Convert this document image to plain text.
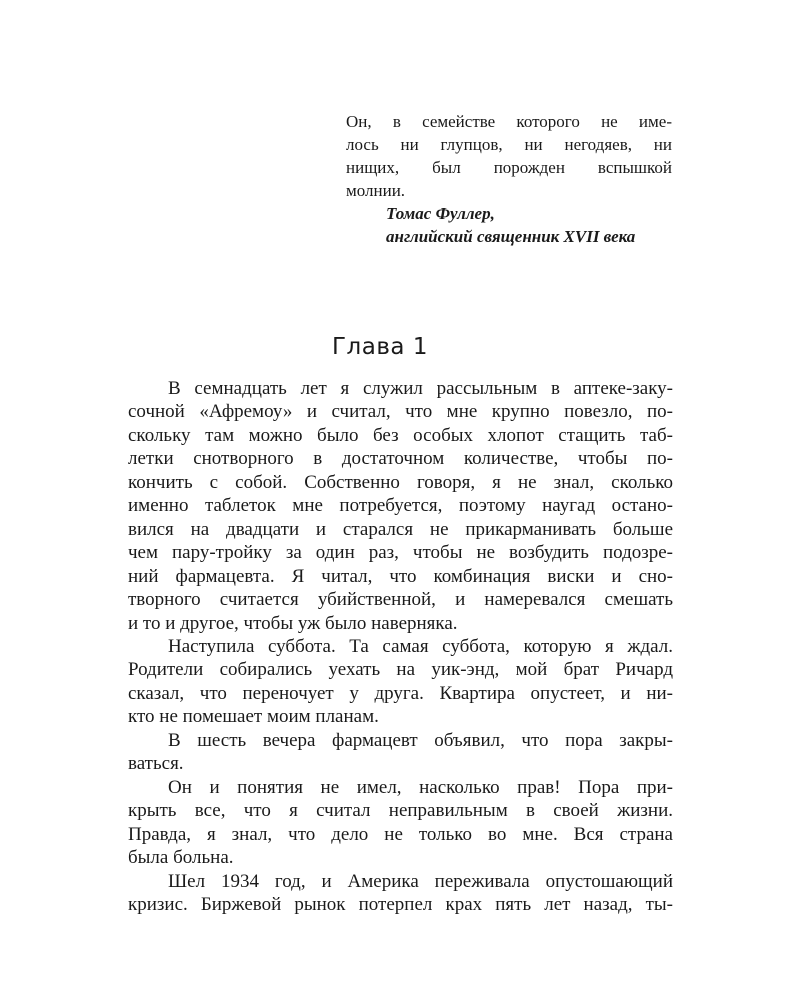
Он, в семействе которого не име-
лось ни глупцов, ни негодяев, ни
нищих, был порожден вспышкой
молнии.
Томас Фуллер,
английский священник XVII века
Глава 1

В семнадцать лет я служил рассыльным в аптеке-заку-
сочной «Афремоу» и считал, что мне крупно повезло, по-
скольку там можно было без особых хлопот стащить таб-
летки снотворного в достаточном количестве, чтобы по-
кончить с собой. Собственно говоря, я не знал, сколько
именно таблеток мне потребуется, поэтому наугад остано-
вился на двадцати и старался не прикарманивать больше
чем пару-тройку за один раз, чтобы не возбудить подозре-
ний фармацевта. Я читал, что комбинация виски и сно-
творного считается убийственной, и намеревался смешать
и то и другое, чтобы уж было наверняка.

Наступила суббота. Та самая суббота, которую я ждал.
Родители собирались уехать на уик-энд, мой брат Ричард
сказал, что переночует у друга. Квартира опустеет, и ни-
кто не помешает моим планам.

В шесть вечера фармацевт объявил, что пора закры-
ваться.

Он и понятия не имел, насколько прав! Пора при-
крыть все, что я считал неправильным в своей жизни.
Правда, я знал, что дело не только во мне. Вся страна
была больна.

Шел 1934 год, и Америка переживала опустошающий
кризис. Биржевой рынок потерпел крах пять лет назад, ты-
